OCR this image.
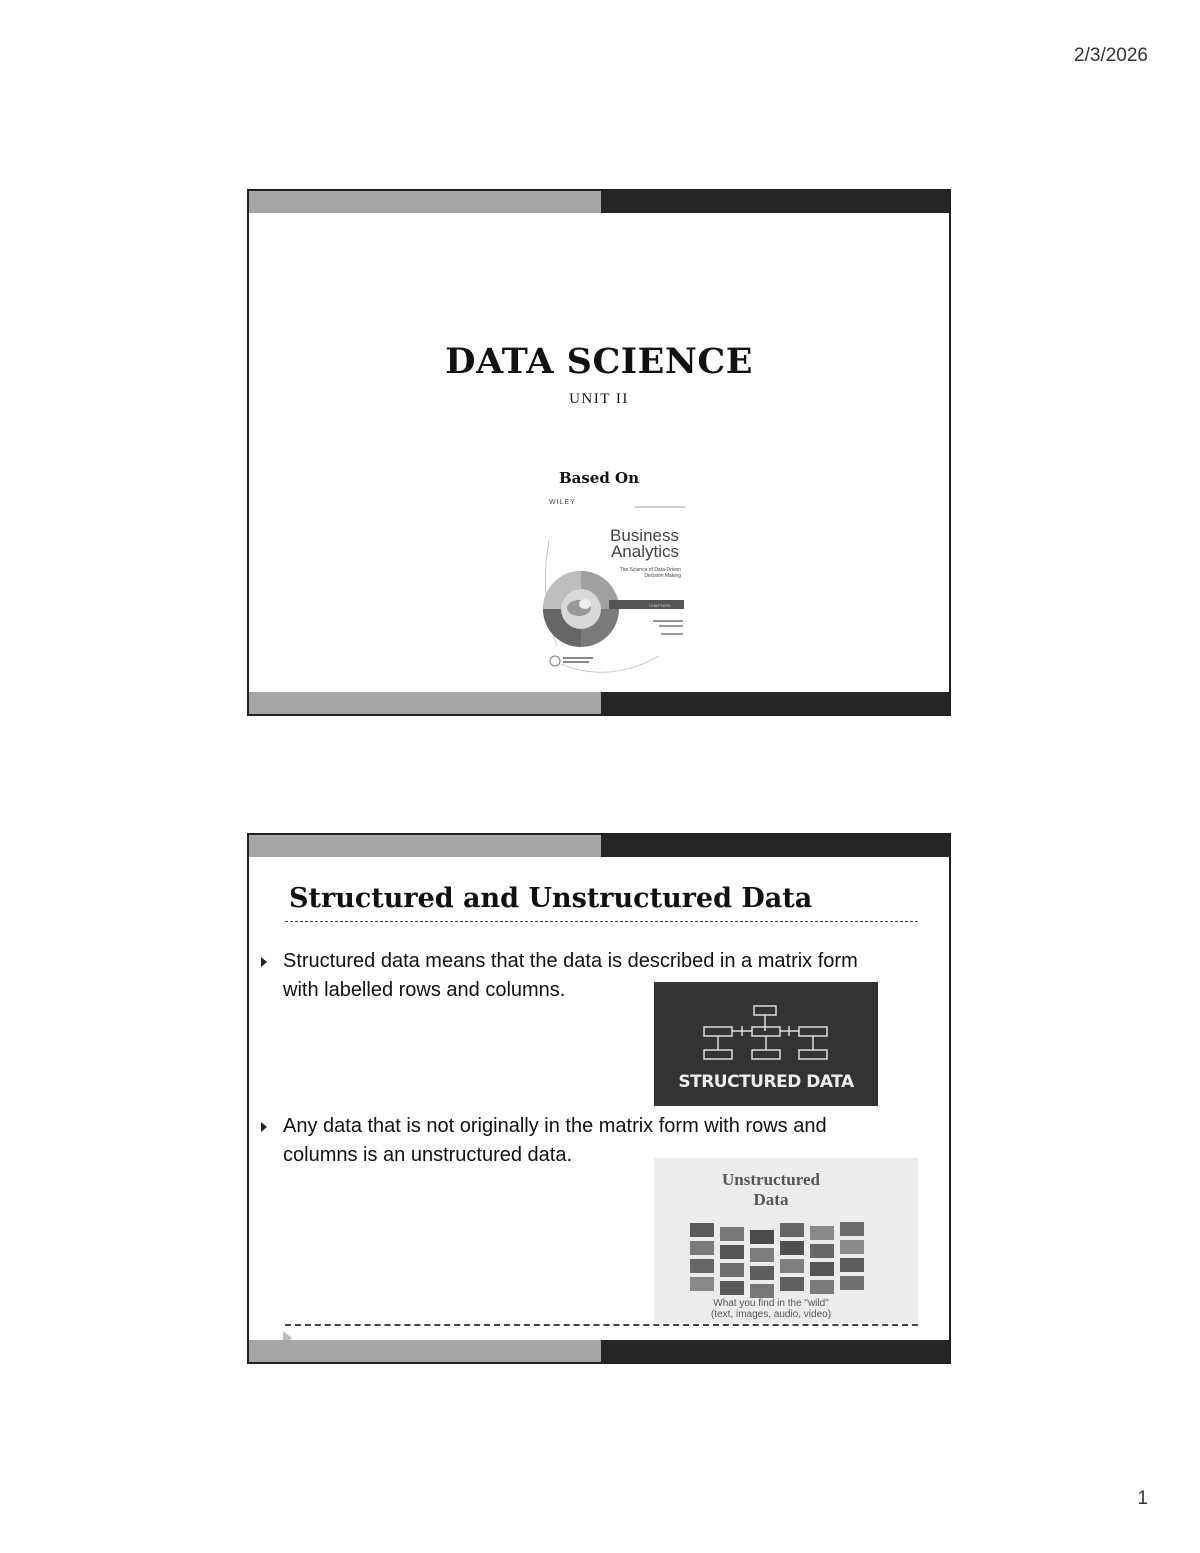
2/3/2026
DATA SCIENCE
UNIT II
Based On
CHAPTERS
WILEY
Business
Analytics
The Science of Data-Driven Decision Making
Structured and Unstructured Data
Structured data means that the data is described in a matrix form with labelled rows and columns.
STRUCTURED DATA
Any data that is not originally in the matrix form with rows and columns is an unstructured data.
Unstructured
Data
What you find in the "wild"
(text, images, audio, video)
1
